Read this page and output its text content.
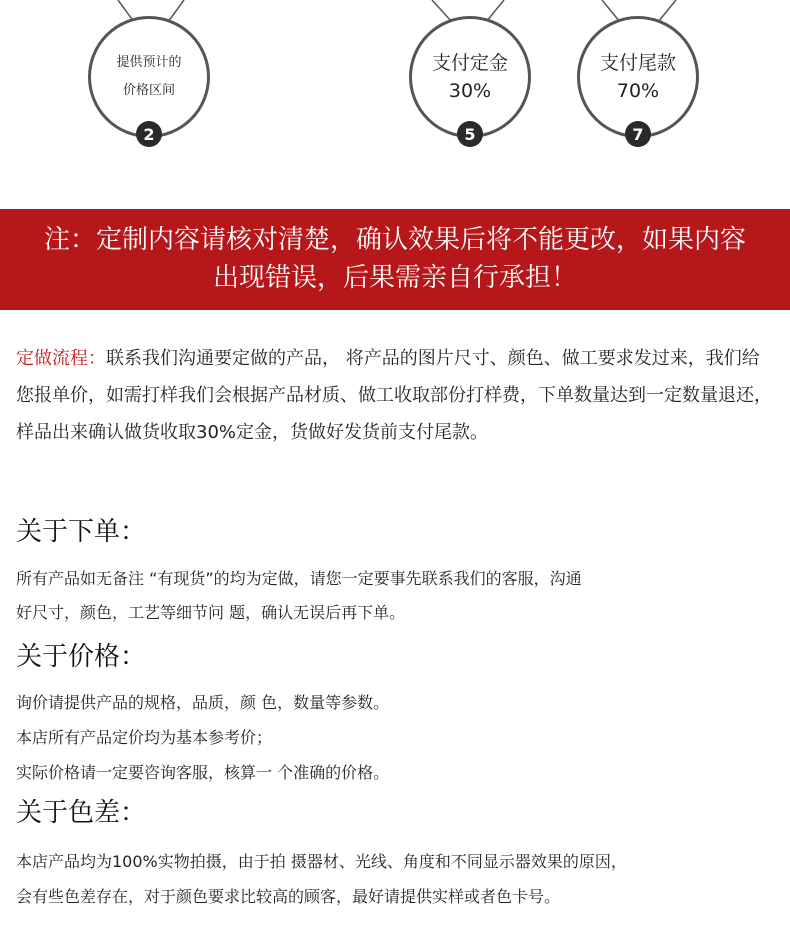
提供预计的
价格区间
2
支付定金
30%
5
支付尾款
70%
7
注：定制内容请核对清楚，确认效果后将不能更改，如果内容
出现错误，后果需亲自行承担！
定做流程：联系我们沟通要定做的产品， 将产品的图片尺寸、颜色、做工要求发过来，我们给您报单价，如需打样我们会根据产品材质、做工收取部份打样费，下单数量达到一定数量退还，样品出来确认做货收取30%定金，货做好发货前支付尾款。
关于下单：
所有产品如无备注 “有现货”的均为定做，请您一定要事先联系我们的客服，沟通
好尺寸，颜色，工艺等细节问 题，确认无误后再下单。
关于价格：
询价请提供产品的规格，品质，颜 色，数量等参数。
本店所有产品定价均为基本参考价；
实际价格请一定要咨询客服，核算一 个准确的价格。
关于色差：
本店产品均为100%实物拍摄，由于拍 摄器材、光线、角度和不同显示器效果的原因，
会有些色差存在，对于颜色要求比较高的顾客，最好请提供实样或者色卡号。
